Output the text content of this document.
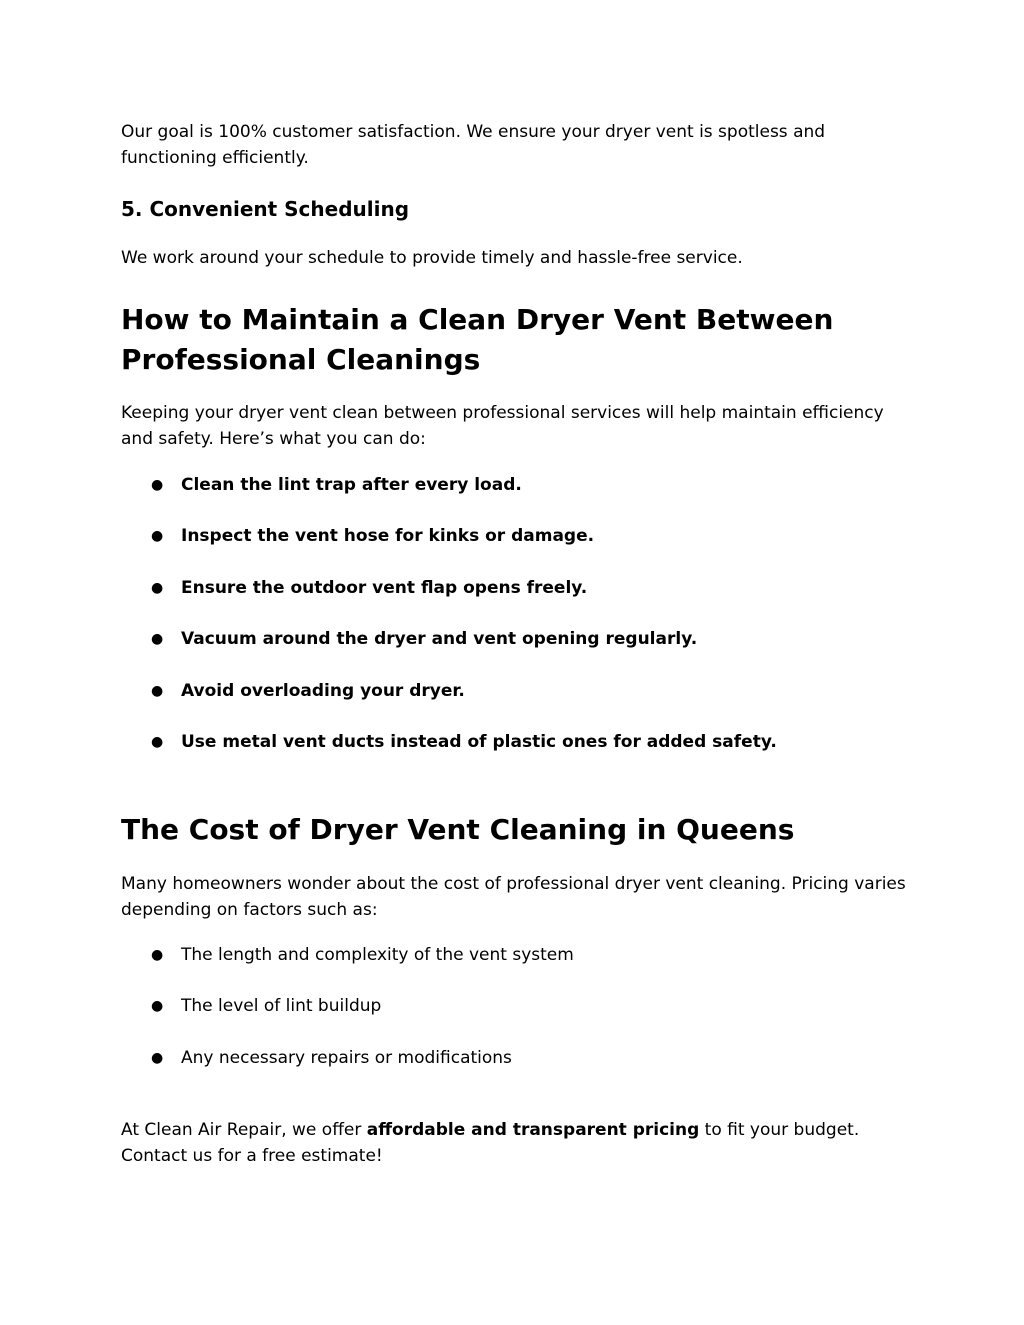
Our goal is 100% customer satisfaction. We ensure your dryer vent is spotless and functioning efficiently.

5. Convenient Scheduling

We work around your schedule to provide timely and hassle-free service.

How to Maintain a Clean Dryer Vent Between Professional Cleanings

Keeping your dryer vent clean between professional services will help maintain efficiency and safety. Here’s what you can do:

● Clean the lint trap after every load.
● Inspect the vent hose for kinks or damage.
● Ensure the outdoor vent flap opens freely.
● Vacuum around the dryer and vent opening regularly.
● Avoid overloading your dryer.
● Use metal vent ducts instead of plastic ones for added safety.
The Cost of Dryer Vent Cleaning in Queens

Many homeowners wonder about the cost of professional dryer vent cleaning. Pricing varies depending on factors such as:

● The length and complexity of the vent system
● The level of lint buildup
● Any necessary repairs or modifications

At Clean Air Repair, we offer affordable and transparent pricing to fit your budget. Contact us for a free estimate!
